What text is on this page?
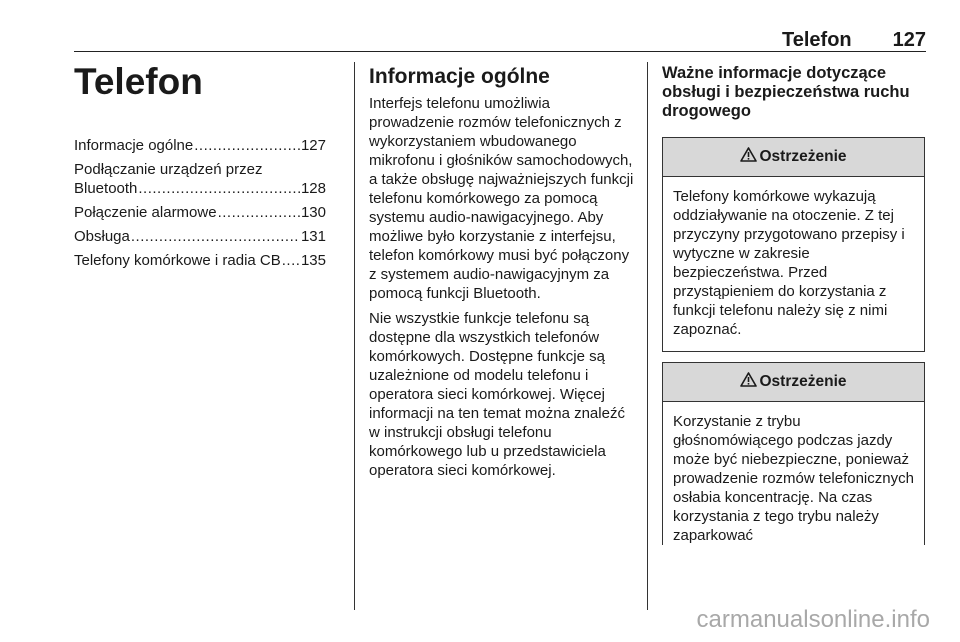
Telefon 127
Telefon
Informacje ogólne .....	127
Podłączanie urządzeń przez
Bluetooth .....	128
Połączenie alarmowe .....	130
Obsługa .....	131
Telefony komórkowe i radia CB ..... 135
Informacje ogólne

Interfejs telefonu umożliwia prowadzenie rozmów telefonicznych z wykorzystaniem wbudowanego mikrofonu i głośników samochodowych, a także obsługę najważniejszych funkcji telefonu komórkowego za pomocą systemu audio-nawigacyjnego. Aby możliwe było korzystanie z interfejsu, telefon komórkowy musi być połączony z systemem audio-nawigacyjnym za pomocą funkcji Bluetooth.

Nie wszystkie funkcje telefonu są dostępne dla wszystkich telefonów komórkowych. Dostępne funkcje są uzależnione od modelu telefonu i operatora sieci komórkowej. Więcej informacji na ten temat można znaleźć w instrukcji obsługi telefonu komórkowego lub u przedstawiciela operatora sieci komórkowej.

Ważne informacje dotyczące obsługi i bezpieczeństwa ruchu drogowego
Ostrzeżenie
Telefony komórkowe wykazują oddziaływanie na otoczenie. Z tej przyczyny przygotowano przepisy i wytyczne w zakresie bezpieczeństwa. Przed przystąpieniem do korzystania z funkcji telefonu należy się z nimi zapoznać.
Ostrzeżenie
Korzystanie z trybu głośnomówiącego podczas jazdy może być niebezpieczne, ponieważ prowadzenie rozmów telefonicznych osłabia koncentrację. Na czas korzystania z tego trybu należy zaparkować
carmanualsonline.info
